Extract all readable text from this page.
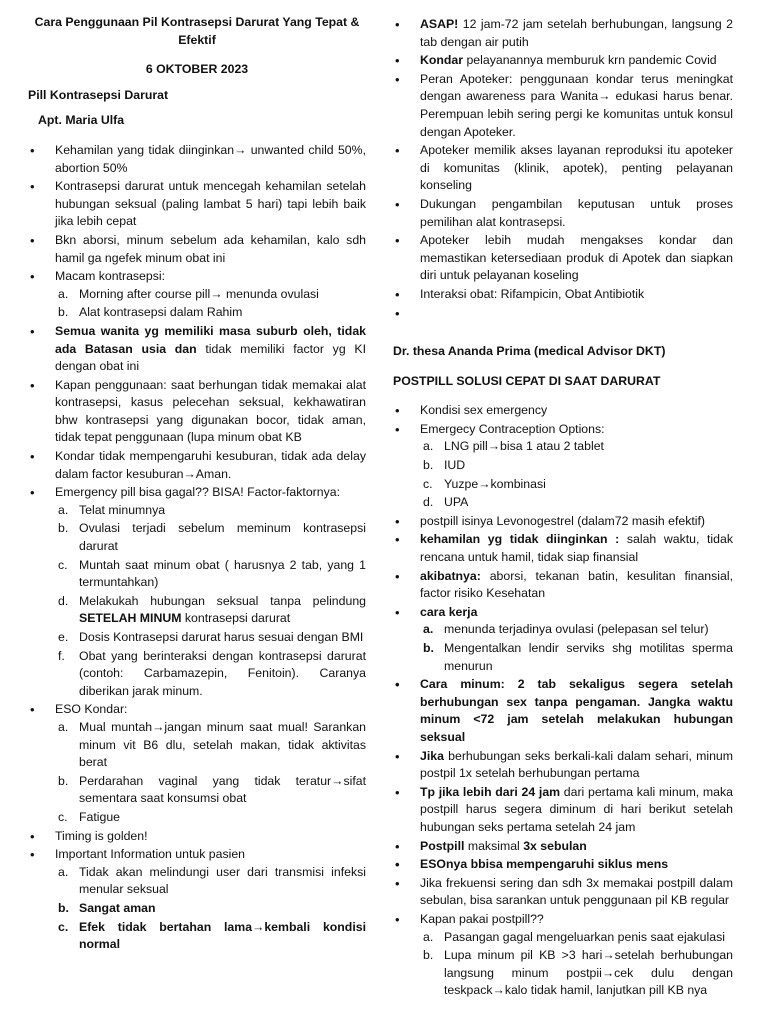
Cara Penggunaan Pil Kontrasepsi Darurat Yang Tepat & Efektif
6 OKTOBER 2023
Pill Kontrasepsi Darurat
Apt. Maria Ulfa
• Kehamilan yang tidak diinginkan→ unwanted child 50%, abortion 50%
• Kontrasepsi darurat untuk mencegah kehamilan setelah hubungan seksual (paling lambat 5 hari) tapi lebih baik jika lebih cepat
• Bkn aborsi, minum sebelum ada kehamilan, kalo sdh hamil ga ngefek minum obat ini
• Macam kontrasepsi:
a. Morning after course pill→ menunda ovulasi
b. Alat kontrasepsi dalam Rahim
• Semua wanita yg memiliki masa suburb oleh, tidak ada Batasan usia dan tidak memiliki factor yg KI dengan obat ini
• Kapan penggunaan: saat berhungan tidak memakai alat kontrasepsi, kasus pelecehan seksual, kekhawatiran bhw kontrasepsi yang digunakan bocor, tidak aman, tidak tepat penggunaan (lupa minum obat KB
• Kondar tidak mempengaruhi kesuburan, tidak ada delay dalam factor kesuburan→Aman.
• Emergency pill bisa gagal?? BISA! Factor-faktornya:
a. Telat minumnya
b. Ovulasi terjadi sebelum meminum kontrasepsi darurat
c. Muntah saat minum obat ( harusnya 2 tab, yang 1 termuntahkan)
d. Melakukah hubungan seksual tanpa pelindung SETELAH MINUM kontrasepsi darurat
e. Dosis Kontrasepsi darurat harus sesuai dengan BMI
f. Obat yang berinteraksi dengan kontrasepsi darurat (contoh: Carbamazepin, Fenitoin). Caranya diberikan jarak minum.
• ESO Kondar:
a. Mual muntah→jangan minum saat mual! Sarankan minum vit B6 dlu, setelah makan, tidak aktivitas berat
b. Perdarahan vaginal yang tidak teratur→sifat sementara saat konsumsi obat
c. Fatigue
• Timing is golden!
• Important Information untuk pasien
a. Tidak akan melindungi user dari transmisi infeksi menular seksual
b. Sangat aman
c. Efek tidak bertahan lama→kembali kondisi normal
• ASAP! 12 jam-72 jam setelah berhubungan, langsung 2 tab dengan air putih
• Kondar pelayanannya memburuk krn pandemic Covid
• Peran Apoteker: penggunaan kondar terus meningkat dengan awareness para Wanita→ edukasi harus benar. Perempuan lebih sering pergi ke komunitas untuk konsul dengan Apoteker.
• Apoteker memilik akses layanan reproduksi itu apoteker di komunitas (klinik, apotek), penting pelayanan konseling
• Dukungan pengambilan keputusan untuk proses pemilihan alat kontrasepsi.
• Apoteker lebih mudah mengakses kondar dan memastikan ketersediaan produk di Apotek dan siapkan diri untuk pelayanan koseling
• Interaksi obat: Rifampicin, Obat Antibiotik
•
Dr. thesa Ananda Prima (medical Advisor DKT)
POSTPILL SOLUSI CEPAT DI SAAT DARURAT
• Kondisi sex emergency
• Emergecy Contraception Options:
a. LNG pill→bisa 1 atau 2 tablet
b. IUD
c. Yuzpe→kombinasi
d. UPA
• postpill isinya Levonogestrel (dalam72 masih efektif)
• kehamilan yg tidak diinginkan : salah waktu, tidak rencana untuk hamil, tidak siap finansial
• akibatnya: aborsi, tekanan batin, kesulitan finansial, factor risiko Kesehatan
• cara kerja
a. menunda terjadinya ovulasi (pelepasan sel telur)
b. Mengentalkan lendir serviks shg motilitas sperma menurun
• Cara minum: 2 tab sekaligus segera setelah berhubungan sex tanpa pengaman. Jangka waktu minum <72 jam setelah melakukan hubungan seksual
• Jika berhubungan seks berkali-kali dalam sehari, minum postpil 1x setelah berhubungan pertama
• Tp jika lebih dari 24 jam dari pertama kali minum, maka postpill harus segera diminum di hari berikut setelah hubungan seks pertama setelah 24 jam
• Postpill maksimal 3x sebulan
• ESOnya bbisa mempengaruhi siklus mens
• Jika frekuensi sering dan sdh 3x memakai postpill dalam sebulan, bisa sarankan untuk penggunaan pil KB regular
• Kapan pakai postpill??
a. Pasangan gagal mengeluarkan penis saat ejakulasi
b. Lupa minum pil KB >3 hari→setelah berhubungan langsung minum postpii→cek dulu dengan teskpack→kalo tidak hamil, lanjutkan pill KB nya
